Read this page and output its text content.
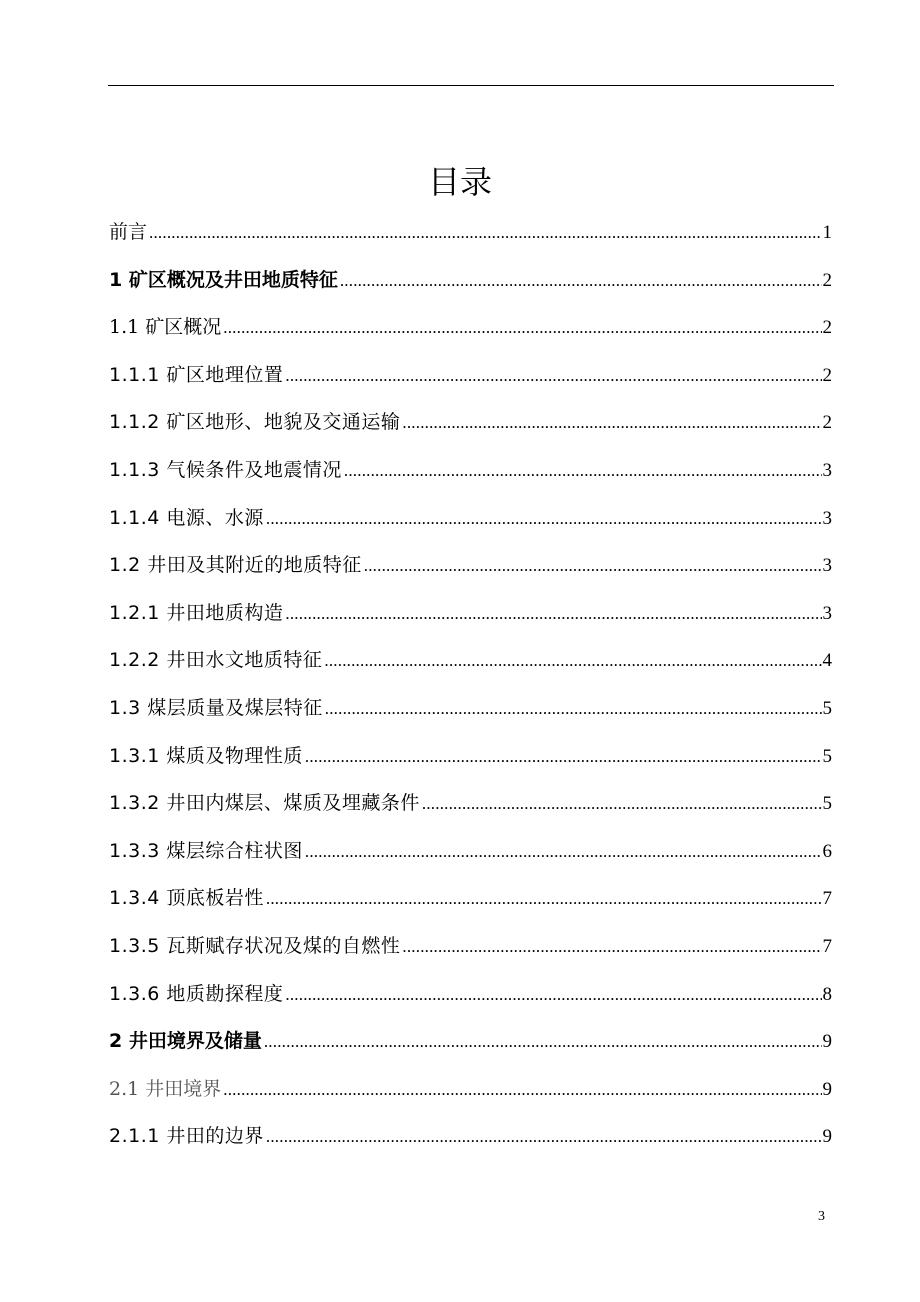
目录
前言 .....	1
1 矿区概况及井田地质特征 .....	2
1.1 矿区概况 .....	2
1.1.1 矿区地理位置 .....	2
1.1.2 矿区地形、地貌及交通运输 .....	2
1.1.3 气候条件及地震情况 .....	3
1.1.4 电源、水源 .....	3
1.2 井田及其附近的地质特征 .....	3
1.2.1 井田地质构造 .....	3
1.2.2 井田水文地质特征 .....	4
1.3 煤层质量及煤层特征 .....	5
1.3.1 煤质及物理性质 .....	5
1.3.2 井田内煤层、煤质及埋藏条件 .....	5
1.3.3 煤层综合柱状图 .....	6
1.3.4 顶底板岩性 .....	7
1.3.5 瓦斯赋存状况及煤的自燃性 .....	7
1.3.6 地质勘探程度 .....	8
2 井田境界及储量 .....	9
2.1 井田境界 .....	9
2.1.1 井田的边界 .....	9
3
